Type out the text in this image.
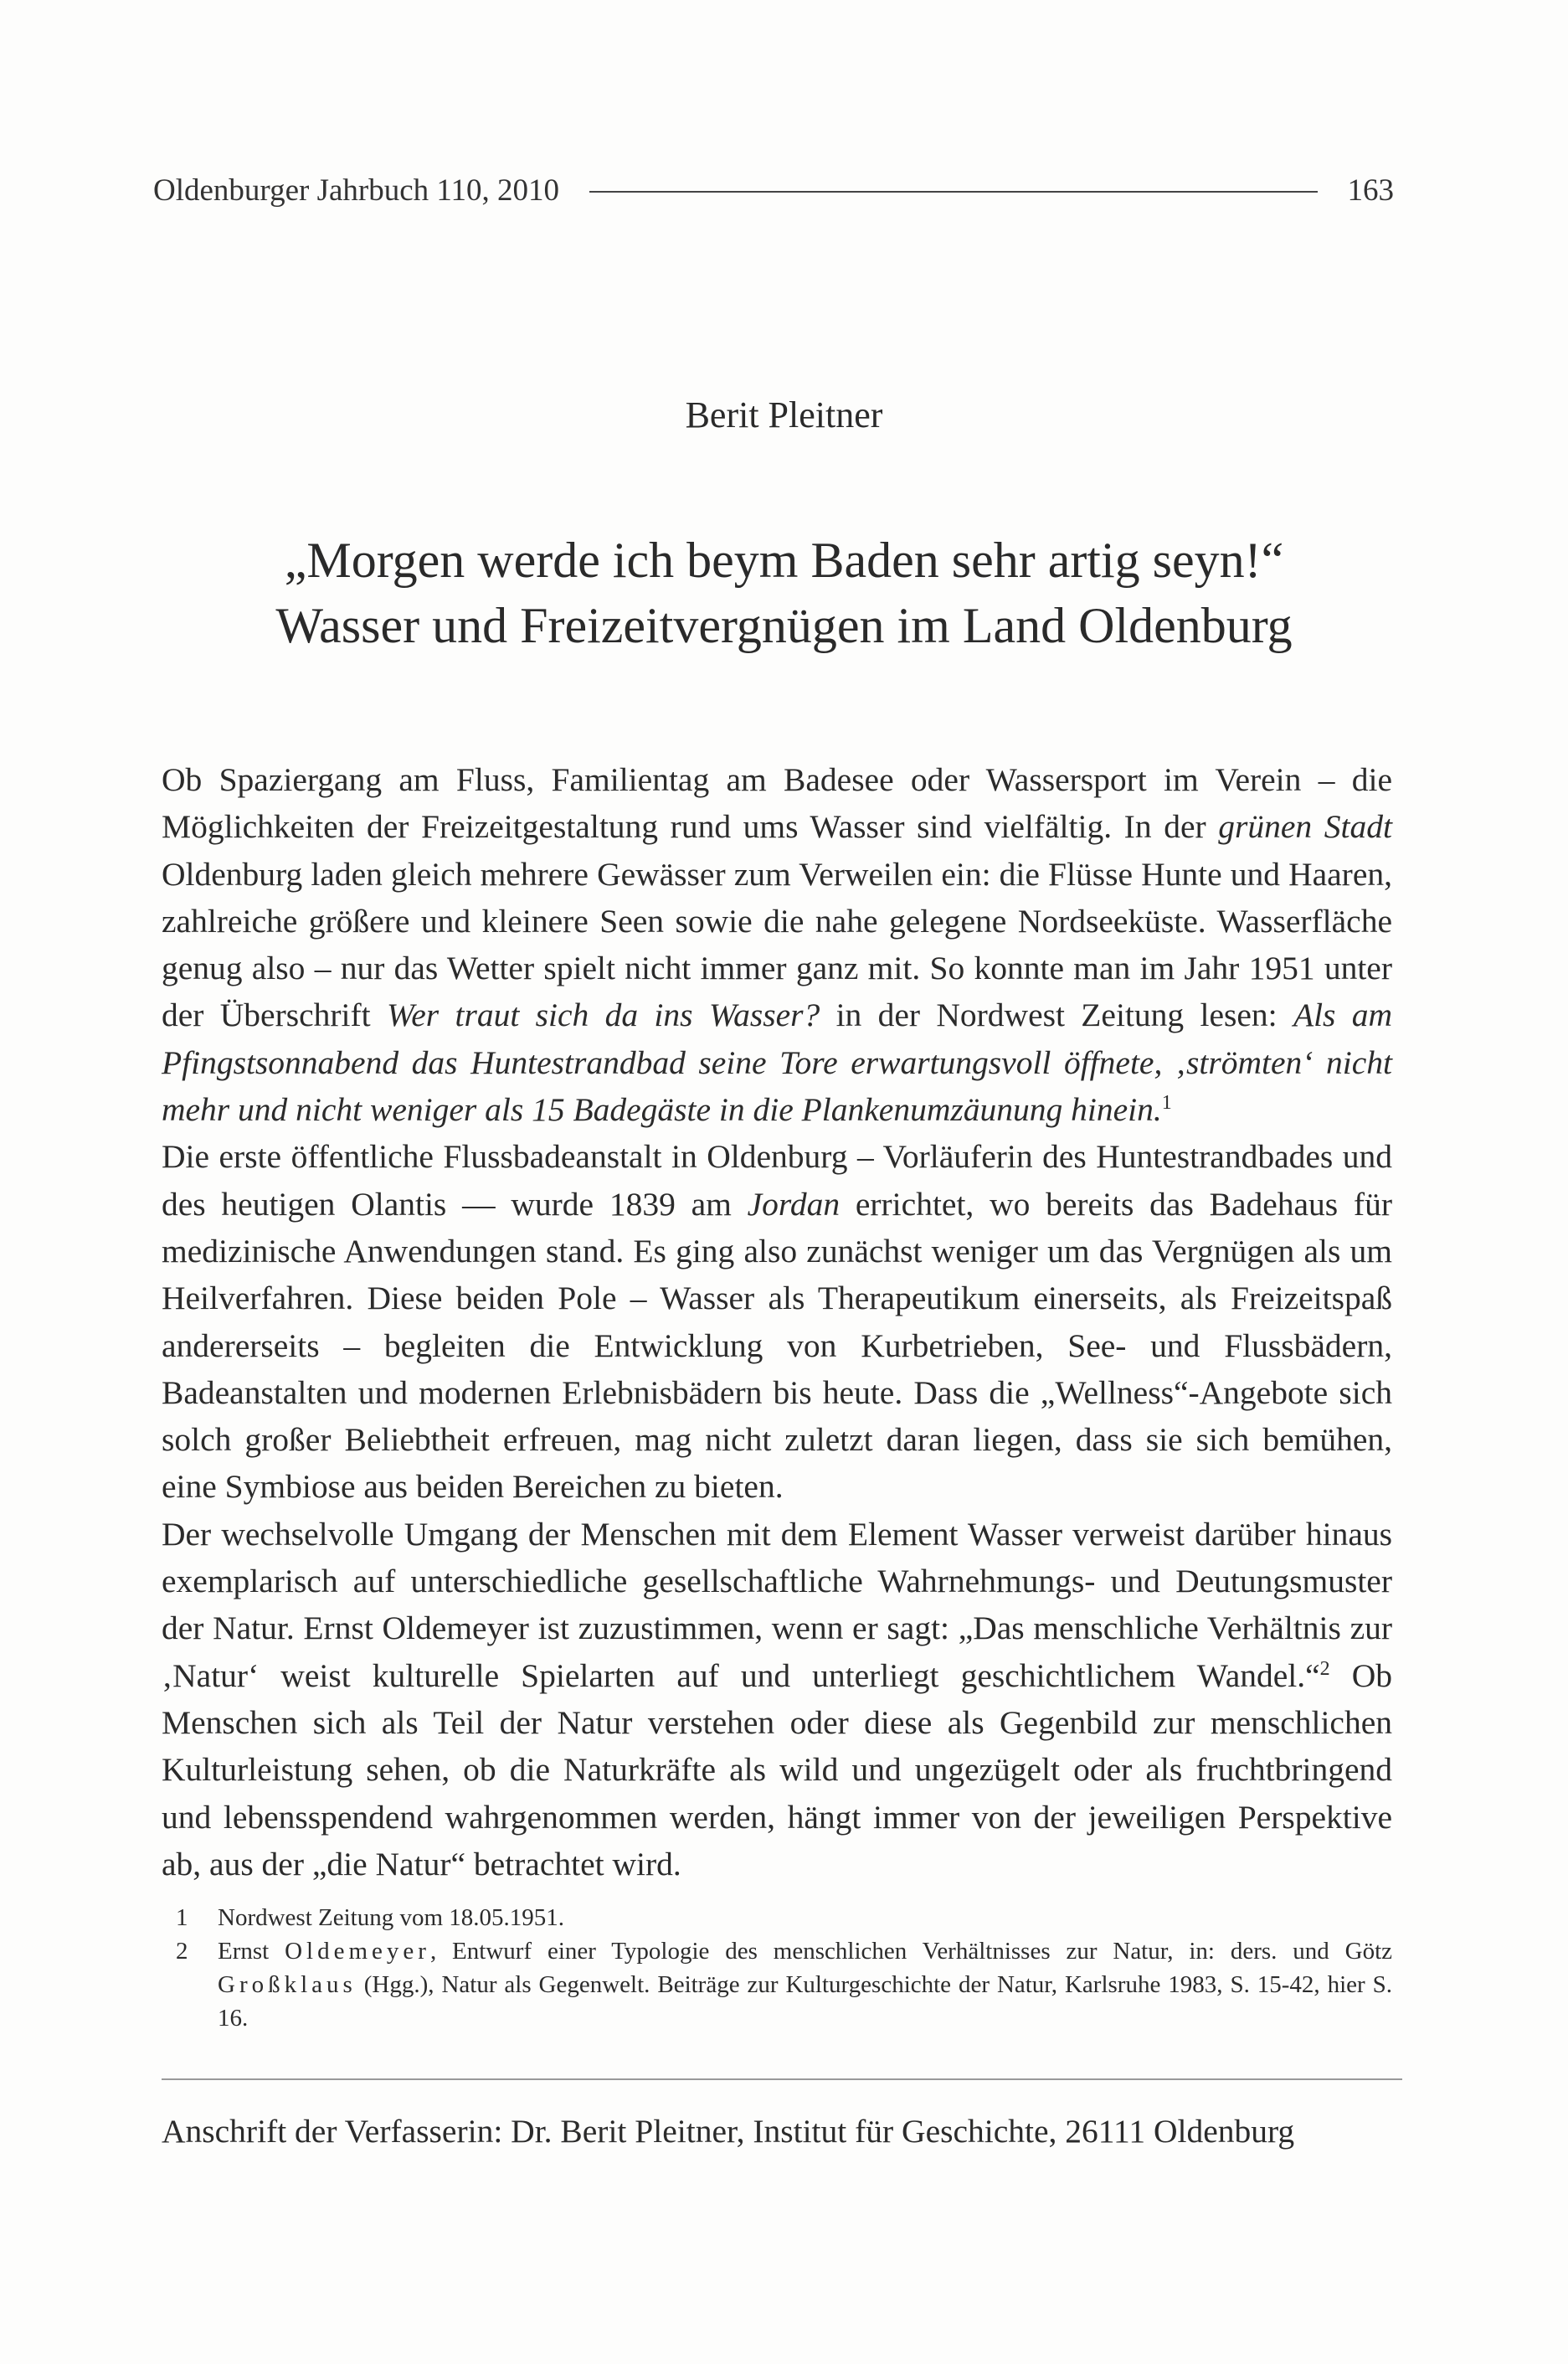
Oldenburger Jahrbuch 110, 2010	163
Berit Pleitner
„Morgen werde ich beym Baden sehr artig seyn!“
Wasser und Freizeitvergnügen im Land Oldenburg

Ob Spaziergang am Fluss, Familientag am Badesee oder Wassersport im Verein – die Möglichkeiten der Freizeitgestaltung rund ums Wasser sind vielfältig. In der grünen Stadt Oldenburg laden gleich mehrere Gewässer zum Verweilen ein: die Flüsse Hunte und Haaren, zahlreiche größere und kleinere Seen sowie die nahe gelegene Nordseeküste. Wasserfläche genug also – nur das Wetter spielt nicht immer ganz mit. So konnte man im Jahr 1951 unter der Überschrift Wer traut sich da ins Wasser? in der Nordwest Zeitung lesen: Als am Pfingstsonnabend das Huntestrandbad seine Tore erwartungsvoll öffnete, ‚strömten‘ nicht mehr und nicht weniger als 15 Badegäste in die Plankenumzäunung hinein.$^1$

Die erste öffentliche Flussbadeanstalt in Oldenburg – Vorläuferin des Huntestrandbades und des heutigen Olantis — wurde 1839 am Jordan errichtet, wo bereits das Badehaus für medizinische Anwendungen stand. Es ging also zunächst weniger um das Vergnügen als um Heilverfahren. Diese beiden Pole – Wasser als Therapeutikum einerseits, als Freizeitspaß andererseits – begleiten die Entwicklung von Kurbetrieben, See- und Flussbädern, Badeanstalten und modernen Erlebnisbädern bis heute. Dass die „Wellness“-Angebote sich solch großer Beliebtheit erfreuen, mag nicht zuletzt daran liegen, dass sie sich bemühen, eine Symbiose aus beiden Bereichen zu bieten.

Der wechselvolle Umgang der Menschen mit dem Element Wasser verweist darüber hinaus exemplarisch auf unterschiedliche gesellschaftliche Wahrnehmungs- und Deutungsmuster der Natur. Ernst Oldemeyer ist zuzustimmen, wenn er sagt: „Das menschliche Verhältnis zur ‚Natur‘ weist kulturelle Spielarten auf und unterliegt geschichtlichem Wandel.“$^2$ Ob Menschen sich als Teil der Natur verstehen oder diese als Gegenbild zur menschlichen Kulturleistung sehen, ob die Naturkräfte als wild und ungezügelt oder als fruchtbringend und lebensspendend wahrgenommen werden, hängt immer von der jeweiligen Perspektive ab, aus der „die Natur“ betrachtet wird.

1	Nordwest Zeitung vom 18.05.1951.
2	Ernst Oldemeyer, Entwurf einer Typologie des menschlichen Verhältnisses zur Natur, in: ders. und Götz Großklaus (Hgg.), Natur als Gegenwelt. Beiträge zur Kulturgeschichte der Natur, Karlsruhe 1983, S. 15-42, hier S. 16.
Anschrift der Verfasserin: Dr. Berit Pleitner, Institut für Geschichte, 26111 Oldenburg
